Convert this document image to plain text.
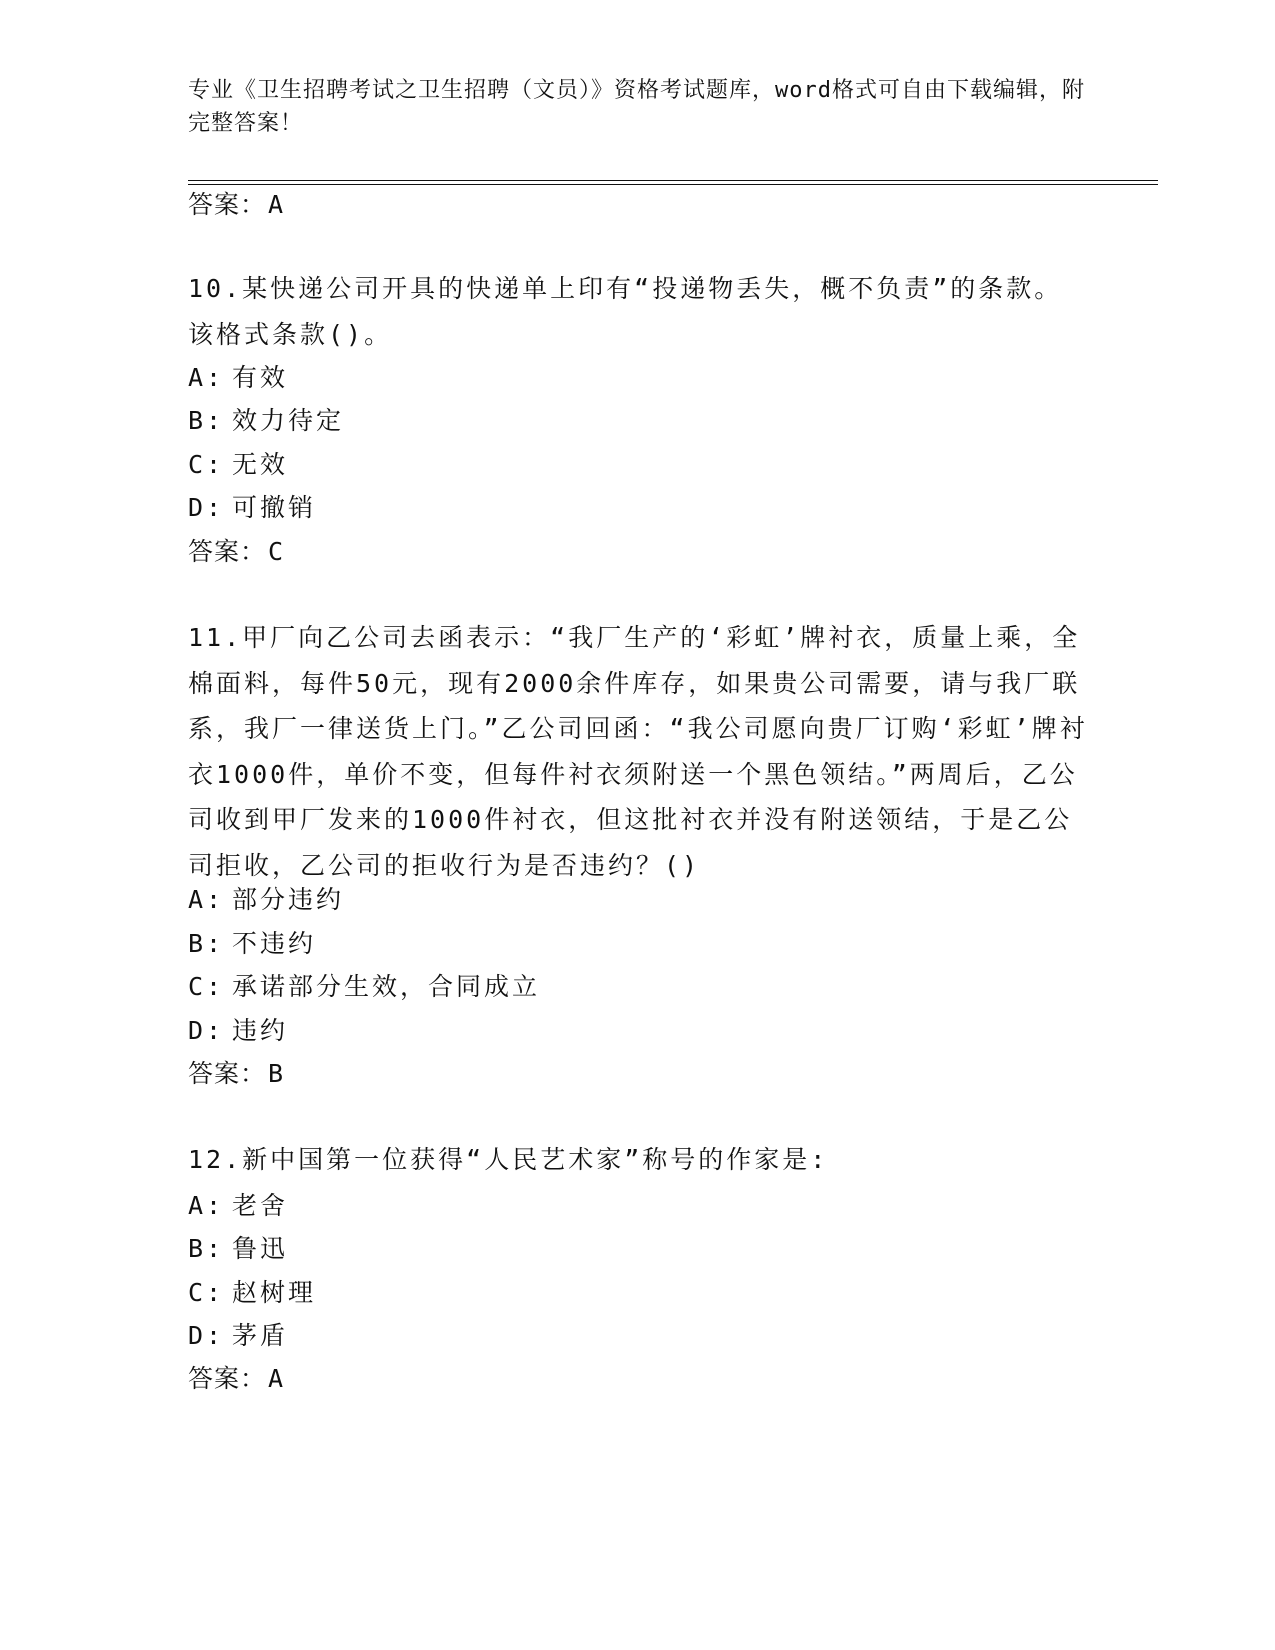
专业《卫生招聘考试之卫生招聘（文员）》资格考试题库，word格式可自由下载编辑，附完整答案！
答案：A
10.某快递公司开具的快递单上印有“投递物丢失，概不负责”的条款。该格式条款()。
A: 有效
B: 效力待定
C: 无效
D: 可撤销
答案：C
11.甲厂向乙公司去函表示：“我厂生产的‘彩虹’牌衬衣，质量上乘，全棉面料，每件50元，现有2000余件库存，如果贵公司需要，请与我厂联系，我厂一律送货上门。”乙公司回函：“我公司愿向贵厂订购‘彩虹’牌衬衣1000件，单价不变，但每件衬衣须附送一个黑色领结。”两周后，乙公司收到甲厂发来的1000件衬衣，但这批衬衣并没有附送领结，于是乙公司拒收，乙公司的拒收行为是否违约？()
A: 部分违约
B: 不违约
C: 承诺部分生效，合同成立
D: 违约
答案：B
12.新中国第一位获得“人民艺术家”称号的作家是:
A: 老舍
B: 鲁迅
C: 赵树理
D: 茅盾
答案：A
